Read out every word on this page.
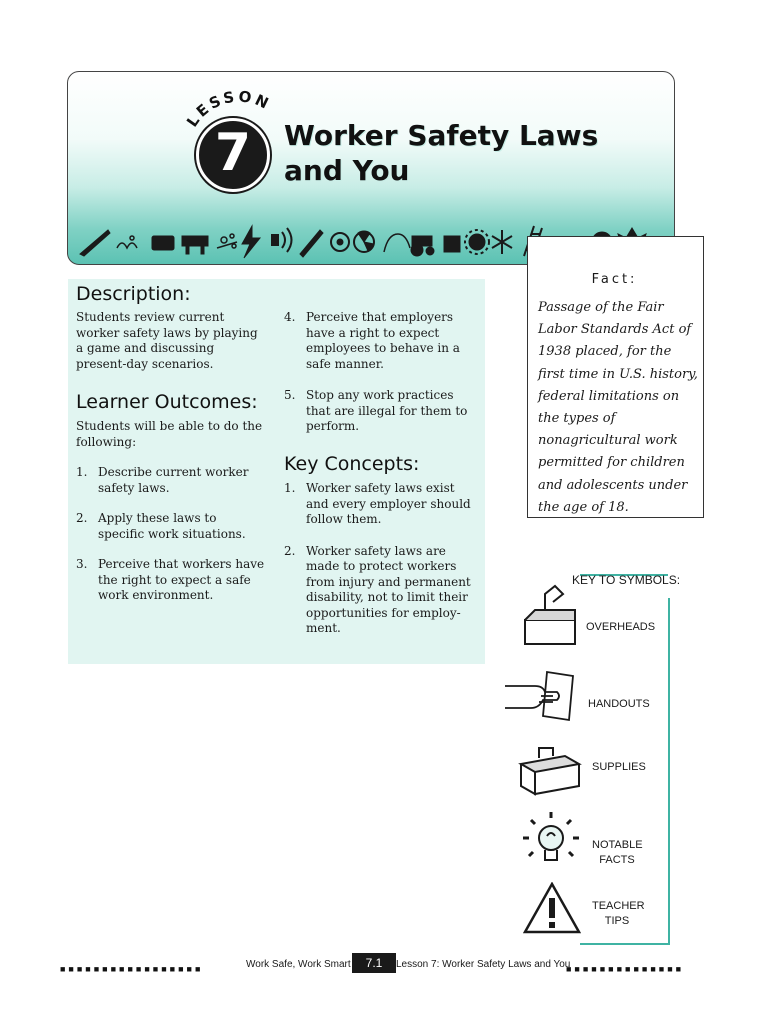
LESSON
7	Worker Safety Laws
and You
Fact:
Passage of the Fair Labor Standards Act of 1938 placed, for the first time in U.S. history, federal limitations on the types of nonagricultural work permitted for children and adolescents under the age of 18.
Description:
Students review current worker safety laws by playing a game and discussing present-day scenarios.
Learner Outcomes:
Students will be able to do the following:
1. Describe current worker safety laws.
2. Apply these laws to specific work situations.
3. Perceive that workers have the right to expect a safe work environment.
4. Perceive that employers have a right to expect employees to behave in a safe manner.
5. Stop any work practices that are illegal for them to perform.
Key Concepts:
1. Worker safety laws exist and every employer should follow them.
2. Worker safety laws are made to protect workers from injury and permanent disability, not to limit their opportunities for employ-ment.
KEY TO SYMBOLS:
OVERHEADS
HANDOUTS
SUPPLIES
NOTABLE
FACTS
TEACHER
TIPS
■■■■■■■■■■■■■■■■■	Work Safe, Work Smart	7.1	Lesson 7: Worker Safety Laws and You
■■■■■■■■■■■■■■
